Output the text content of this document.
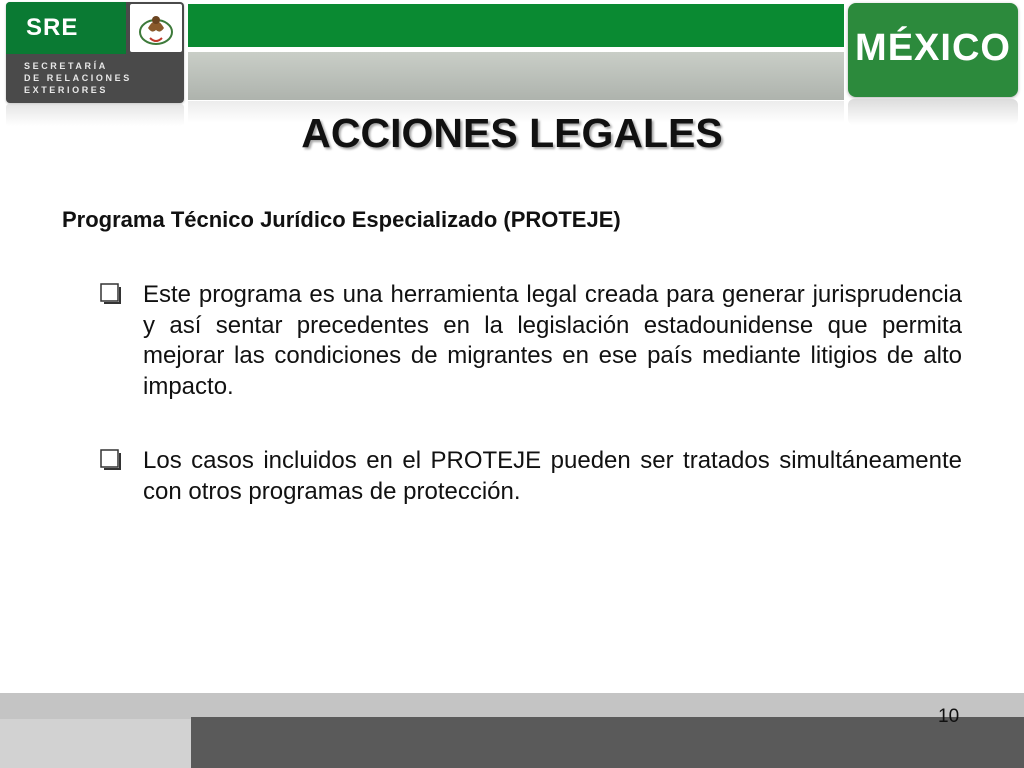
SRE
SECRETARÍA
DE RELACIONES
EXTERIORES
MÉXICO
ACCIONES LEGALES
Programa Técnico Jurídico Especializado (PROTEJE)
Este programa es una herramienta legal creada para generar jurisprudencia y así sentar precedentes en la legislación estadounidense que permita mejorar las condiciones de migrantes en ese país mediante litigios de alto impacto.
Los casos incluidos en el PROTEJE pueden ser tratados simultáneamente con otros programas de protección.
10
